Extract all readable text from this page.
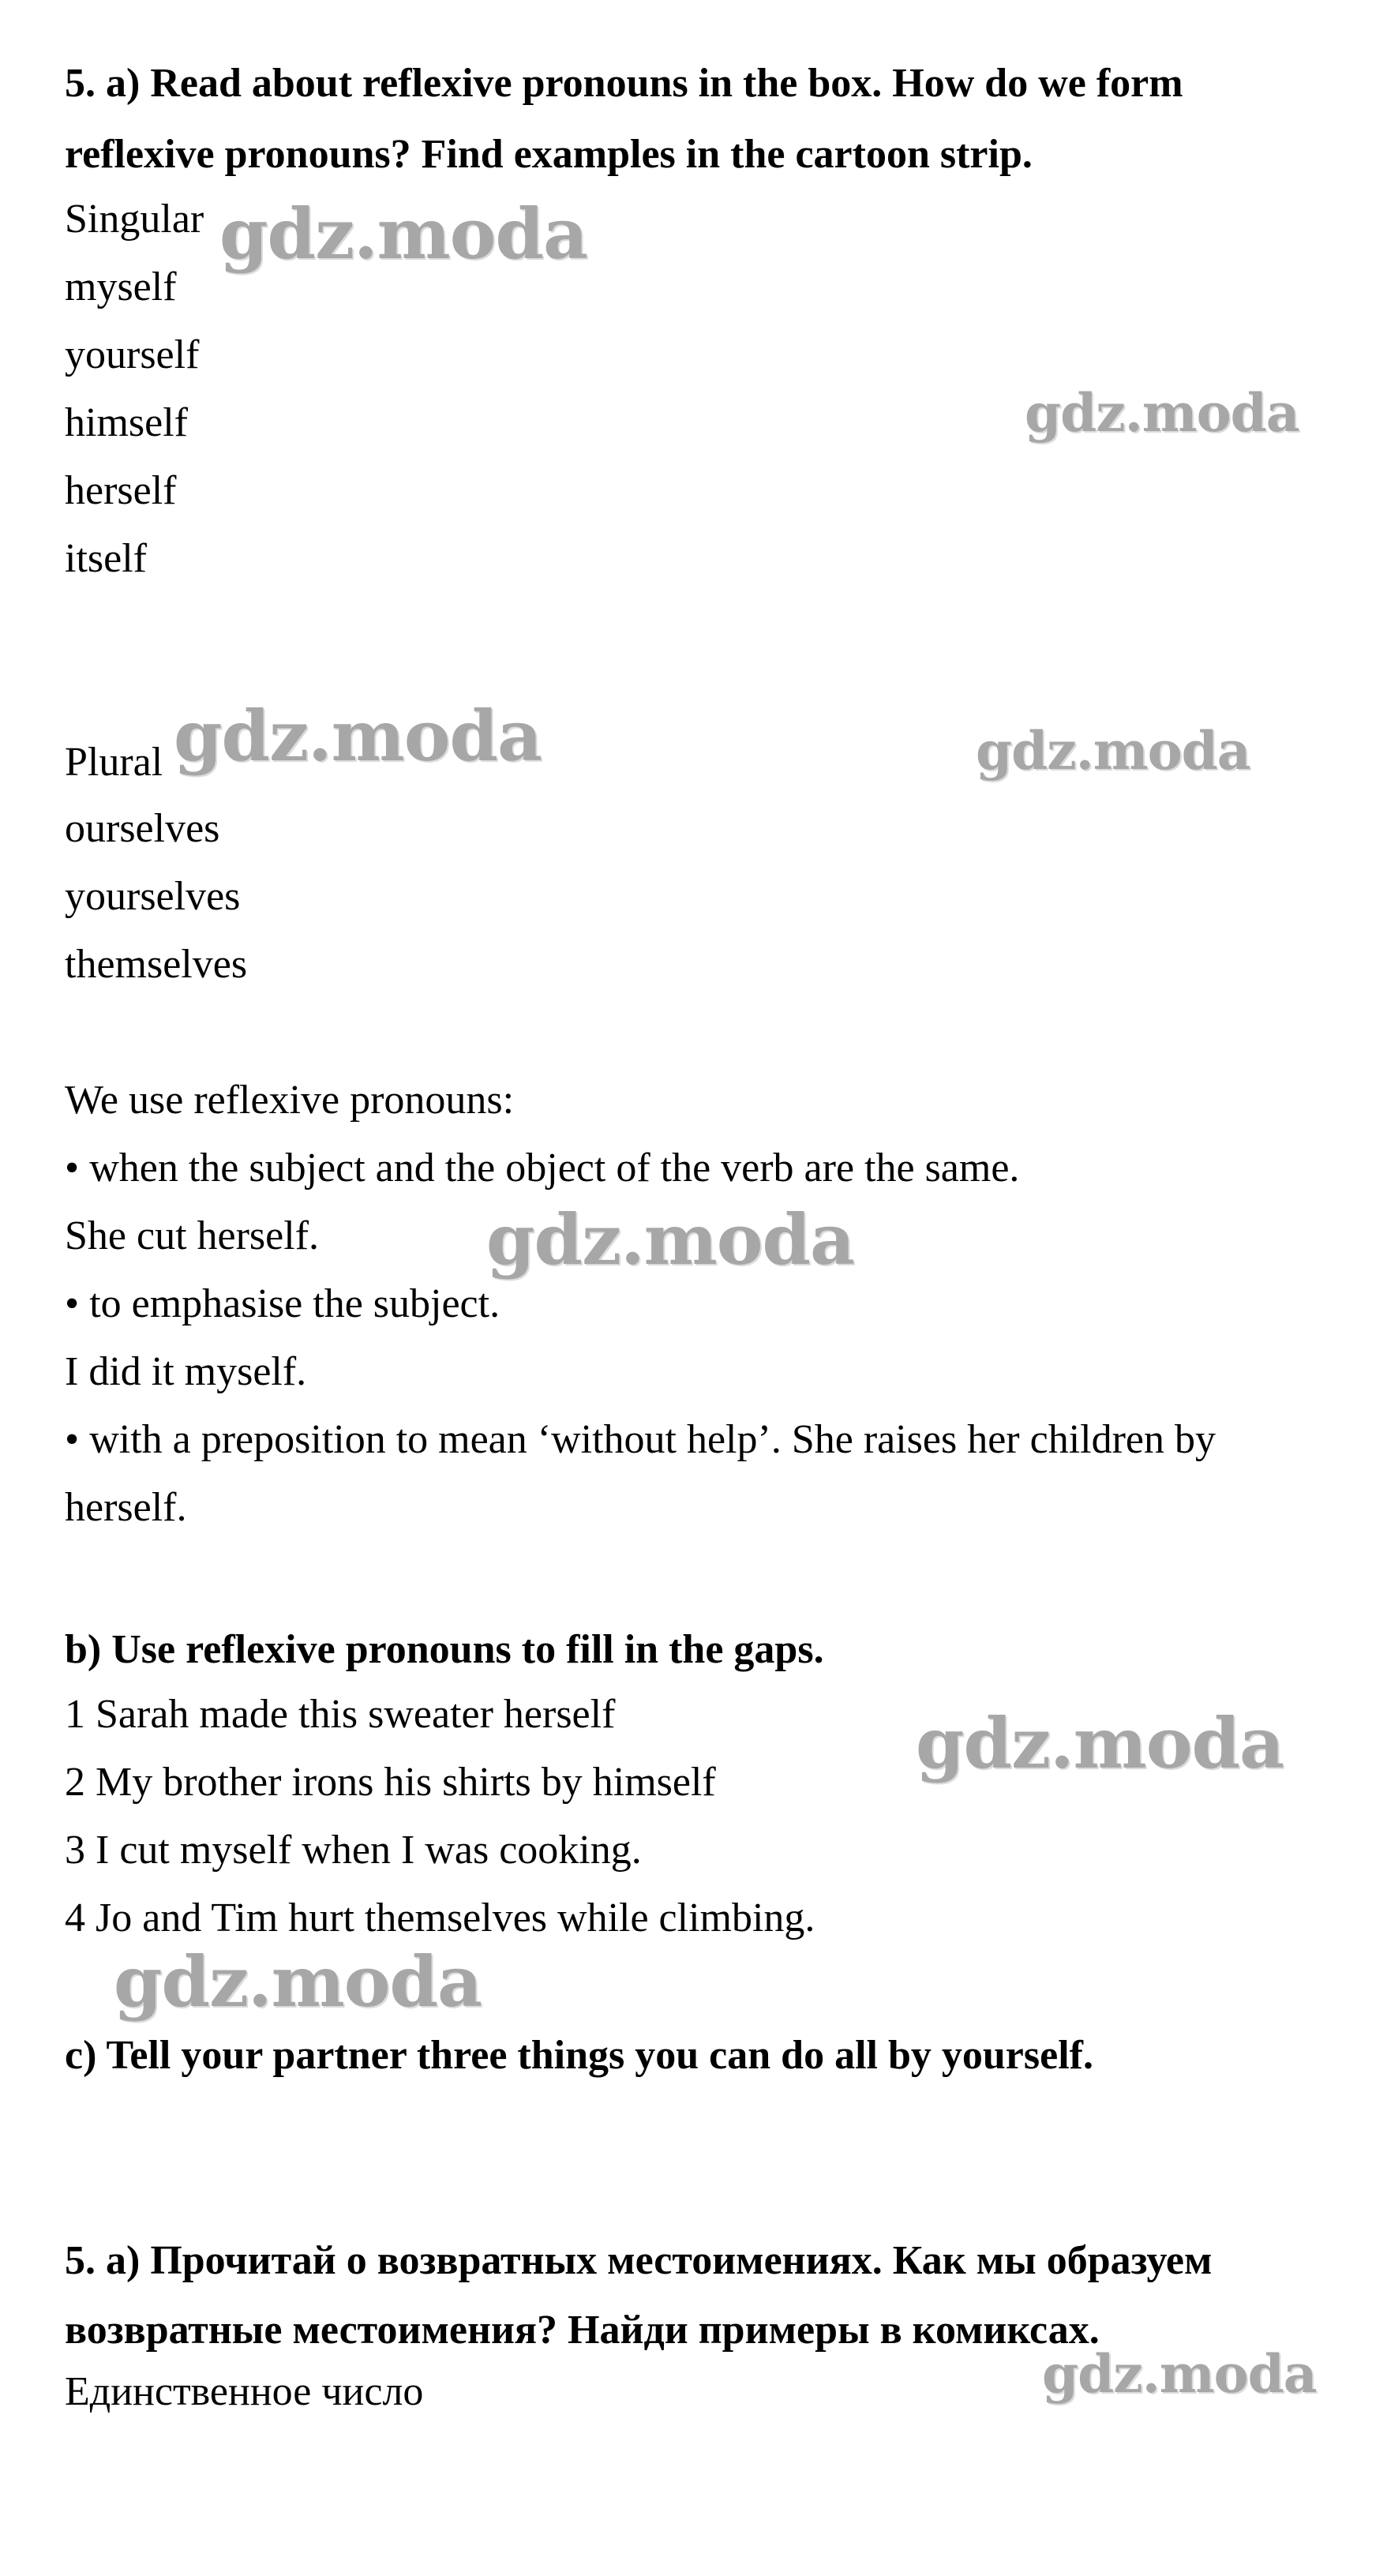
5. a) Read about reflexive pronouns in the box. How do we form
reflexive pronouns? Find examples in the cartoon strip.
Singular
myself
yourself
himself
herself
itself
Plural
ourselves
yourselves
themselves
We use reflexive pronouns:
• when the subject and the object of the verb are the same.
She cut herself.
• to emphasise the subject.
I did it myself.
• with a preposition to mean ‘without help’. She raises her children by
herself.
b) Use reflexive pronouns to fill in the gaps.
1 Sarah made this sweater herself
2 My brother irons his shirts by himself
3 I cut myself when I was cooking.
4 Jo and Tim hurt themselves while climbing.
c) Tell your partner three things you can do all by yourself.
5. a) Прочитай о возвратных местоимениях. Как мы образуем
возвратные местоимения? Найди примеры в комиксах.
Единственное число
gdz.moda
gdz.moda
gdz.moda	gdz.moda
gdz.moda
gdz.moda
gdz.moda
gdz.moda
